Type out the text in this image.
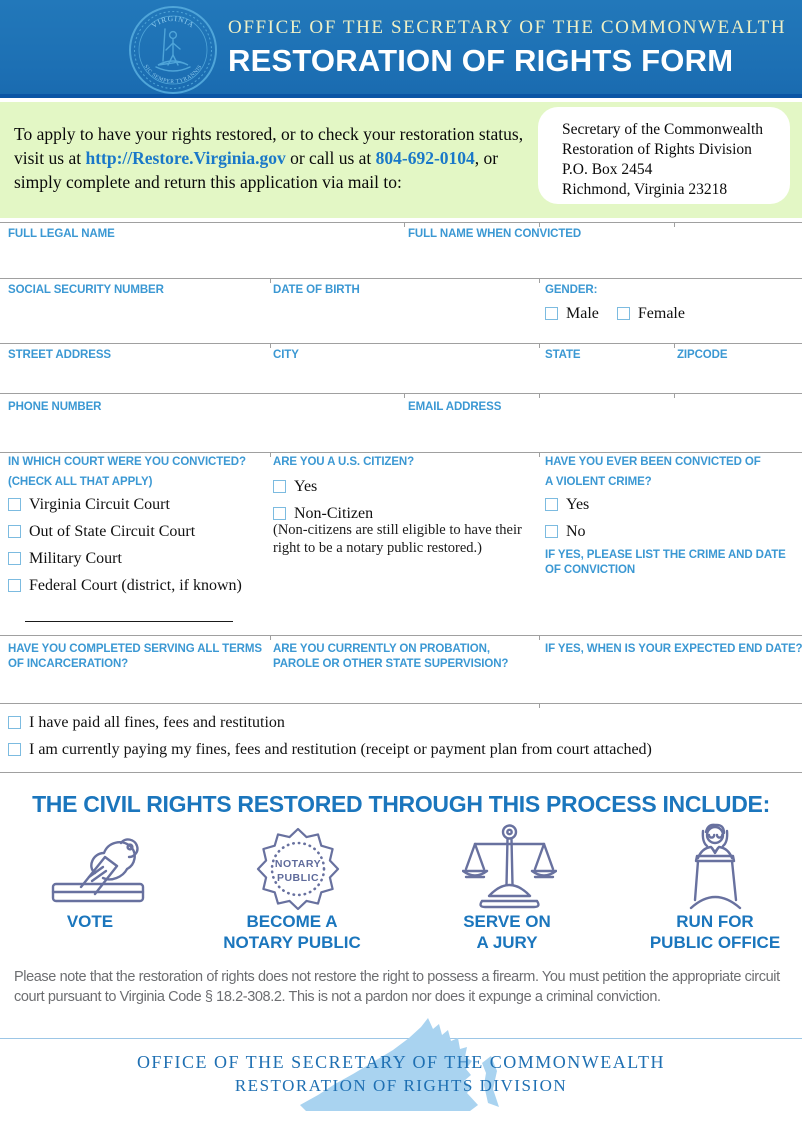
VIRGINIA
SIC SEMPER TYRANNIS
OFFICE OF THE SECRETARY OF THE COMMONWEALTH
RESTORATION OF RIGHTS FORM
To apply to have your rights restored, or to check your restoration status, visit us at http://Restore.Virginia.gov or call us at 804-692-0104, or simply complete and return this application via mail to:
Secretary of the Commonwealth
Restoration of Rights Division
P.O. Box 2454
Richmond, Virginia 23218
FULL LEGAL NAME	FULL NAME WHEN CONVICTED
SOCIAL SECURITY NUMBER	DATE OF BIRTH	GENDER:
Male Female
STREET ADDRESS	CITY	STATE	ZIPCODE
PHONE NUMBER	EMAIL ADDRESS
IN WHICH COURT WERE YOU CONVICTED?
(CHECK ALL THAT APPLY)
Virginia Circuit Court
Out of State Circuit Court
Military Court
Federal Court (district, if known)
ARE YOU A U.S. CITIZEN?
Yes
Non-Citizen
(Non-citizens are still eligible to have their right to be a notary public restored.)
HAVE YOU EVER BEEN CONVICTED OF
A VIOLENT CRIME?
Yes
No
IF YES, PLEASE LIST THE CRIME AND DATE OF CONVICTION
HAVE YOU COMPLETED SERVING ALL TERMS
OF INCARCERATION?
ARE YOU CURRENTLY ON PROBATION,
PAROLE OR OTHER STATE SUPERVISION?
IF YES, WHEN IS YOUR EXPECTED END DATE?
I have paid all fines, fees and restitution
I am currently paying my fines, fees and restitution (receipt or payment plan from court attached)
THE CIVIL RIGHTS RESTORED THROUGH THIS PROCESS INCLUDE:
NOTARY
PUBLIC
VOTE	BECOME A
NOTARY PUBLIC
SERVE ON
A JURY
RUN FOR
PUBLIC OFFICE
Please note that the restoration of rights does not restore the right to possess a firearm. You must petition the appropriate circuit court pursuant to Virginia Code § 18.2-308.2. This is not a pardon nor does it expunge a criminal conviction.
OFFICE OF THE SECRETARY OF THE COMMONWEALTH
RESTORATION OF RIGHTS DIVISION
